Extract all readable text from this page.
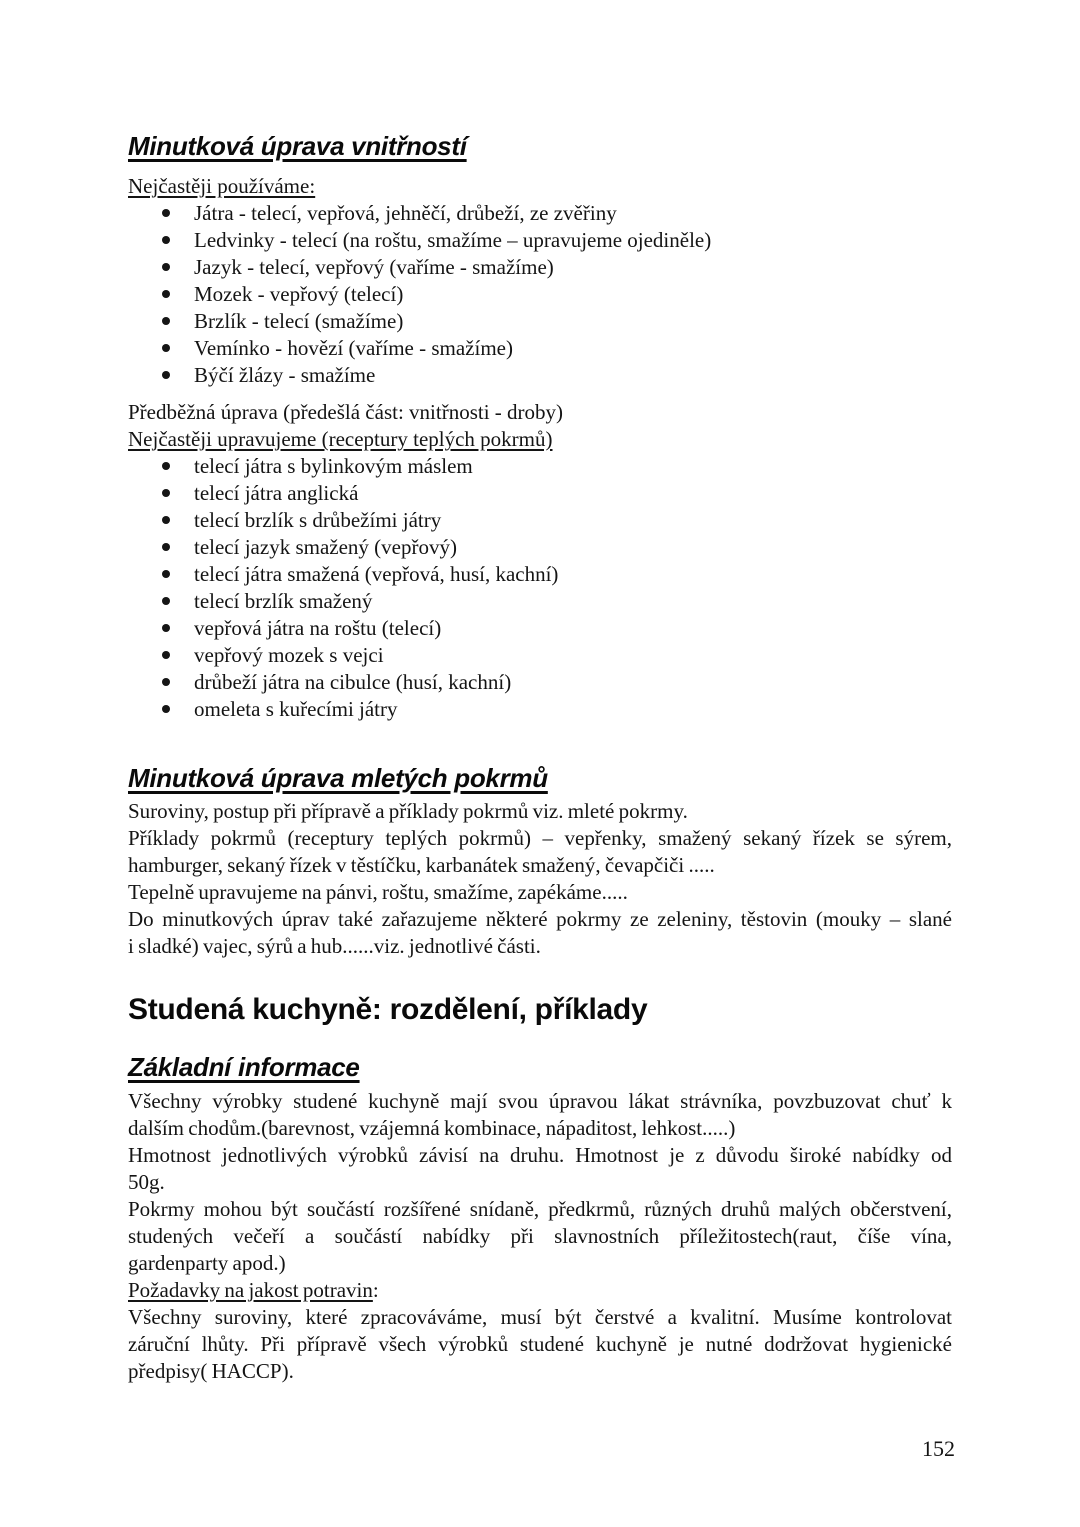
Minutková úprava vnitřností
Nejčastěji používáme:
Játra - telecí, vepřová, jehněčí, drůbeží, ze zvěřiny
Ledvinky - telecí (na roštu, smažíme – upravujeme ojediněle)
Jazyk - telecí, vepřový (vaříme - smažíme)
Mozek - vepřový (telecí)
Brzlík - telecí (smažíme)
Vemínko - hovězí (vaříme - smažíme)
Býčí žlázy - smažíme
Předběžná úprava (předešlá část: vnitřnosti - droby)
Nejčastěji upravujeme (receptury teplých pokrmů)
telecí játra s bylinkovým máslem
telecí játra anglická
telecí brzlík s drůbežími játry
telecí jazyk smažený (vepřový)
telecí játra smažená (vepřová, husí, kachní)
telecí brzlík smažený
vepřová játra na roštu (telecí)
vepřový mozek s vejci
drůbeží játra na cibulce (husí, kachní)
omeleta s kuřecími játry
Minutková úprava mletých pokrmů
Suroviny, postup při přípravě a příklady pokrmů viz. mleté pokrmy.
Příklady pokrmů (receptury teplých pokrmů) – vepřenky, smažený sekaný řízek se sýrem,
hamburger, sekaný řízek v těstíčku, karbanátek smažený, čevapčiči .....
Tepelně upravujeme na pánvi, roštu, smažíme, zapékáme.....
Do minutkových úprav také zařazujeme některé pokrmy ze zeleniny, těstovin (mouky – slané
i sladké) vajec, sýrů a hub......viz. jednotlivé části.
Studená kuchyně: rozdělení, příklady
Základní informace
Všechny výrobky studené kuchyně mají svou úpravou lákat strávníka, povzbuzovat chuť k
dalším chodům.(barevnost, vzájemná kombinace, nápaditost, lehkost.....)
Hmotnost jednotlivých výrobků závisí na druhu. Hmotnost je z důvodu široké nabídky od
50g.
Pokrmy mohou být součástí rozšířené snídaně, předkrmů, různých druhů malých občerstvení,
studených večeří a součástí nabídky při slavnostních příležitostech(raut, číše vína,
gardenparty apod.)
Požadavky na jakost potravin:
Všechny suroviny, které zpracováváme, musí být čerstvé a kvalitní. Musíme kontrolovat
záruční lhůty. Při přípravě všech výrobků studené kuchyně je nutné dodržovat hygienické
předpisy( HACCP).
152
